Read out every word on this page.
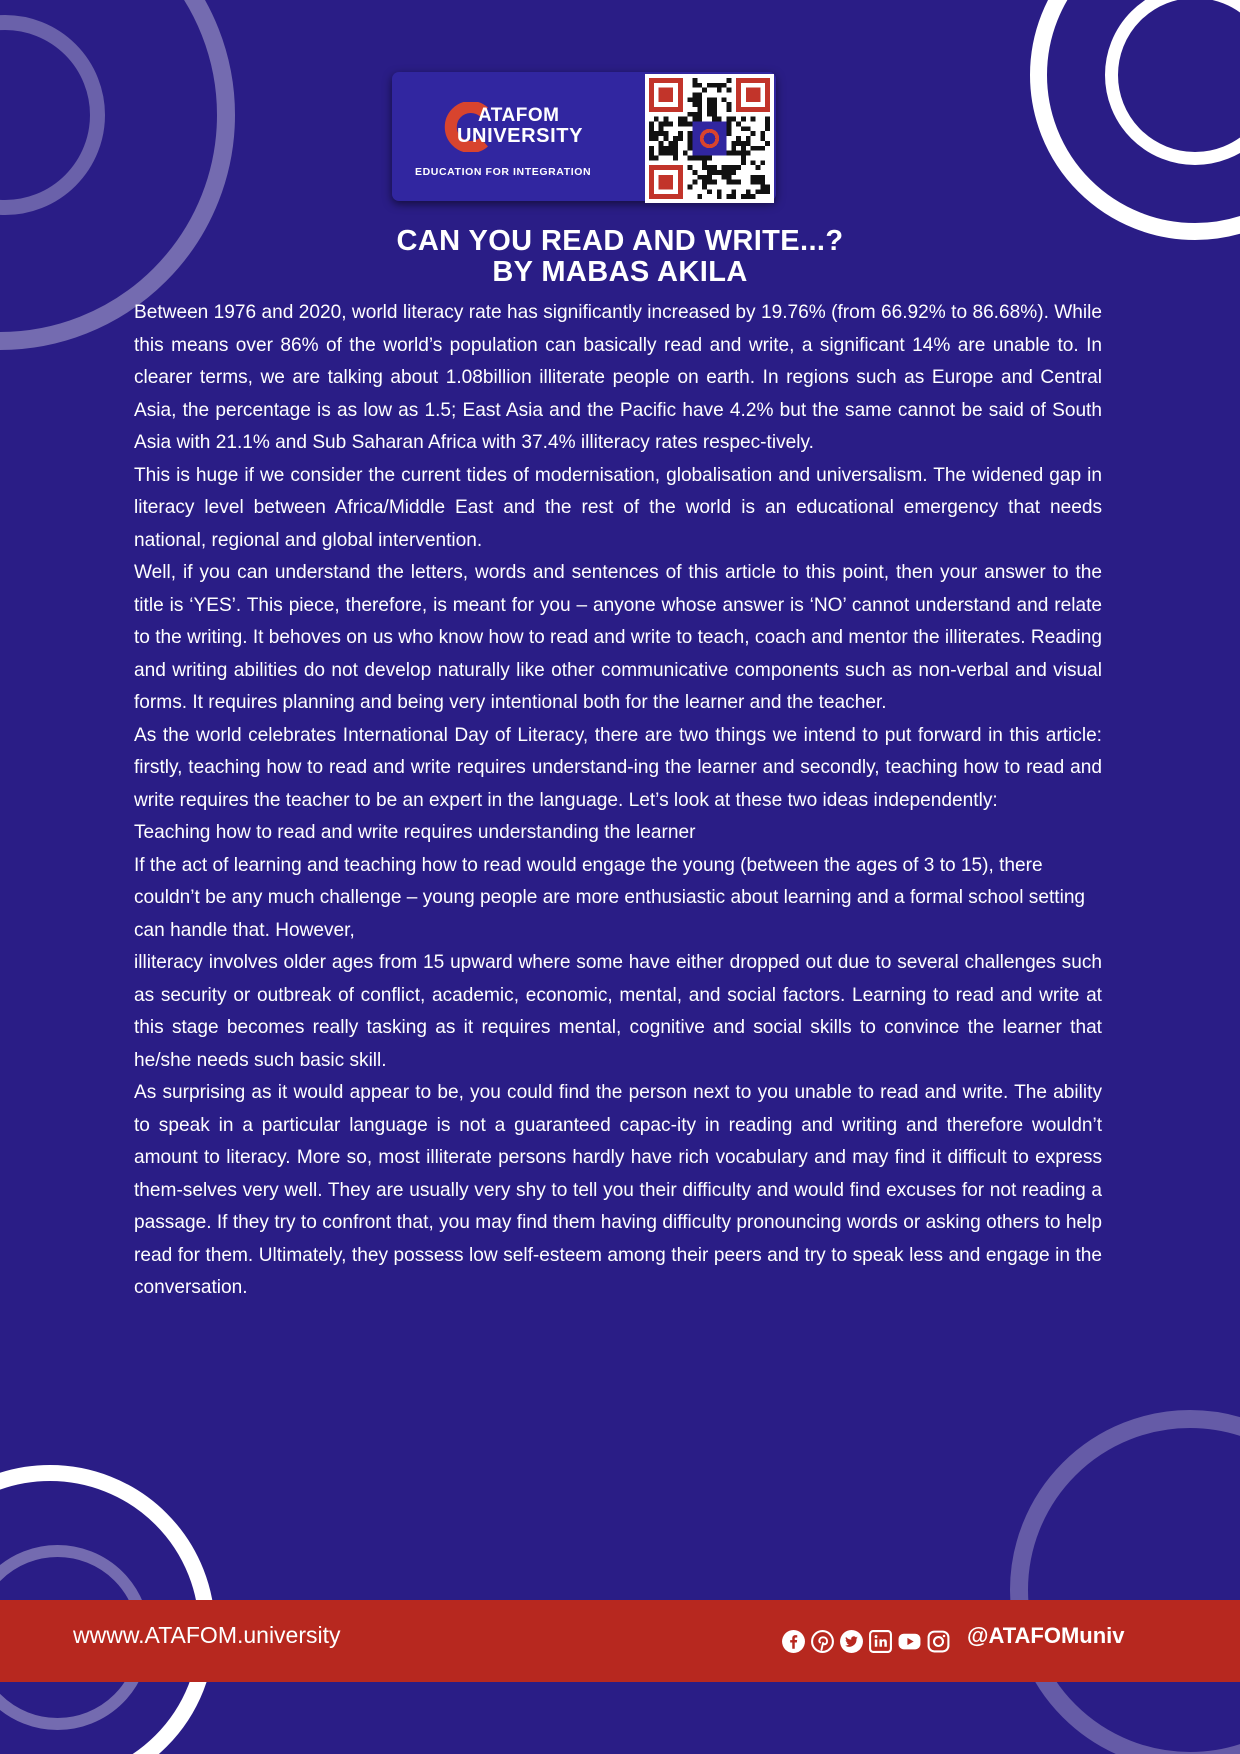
ATAFOM
UNIVERSITY
EDUCATION FOR INTEGRATION
CAN YOU READ AND WRITE...?
BY MABAS AKILA

Between 1976 and 2020, world literacy rate has significantly increased by 19.76% (from 66.92% to 86.68%). While this means over 86% of the world’s population can basically read and write, a significant 14% are unable to. In clearer terms, we are talking about 1.08billion illiterate people on earth. In regions such as Europe and Central Asia, the percentage is as low as 1.5; East Asia and the Pacific have 4.2% but the same cannot be said of South Asia with 21.1% and Sub Saharan Africa with 37.4% illiteracy rates respec-tively.

This is huge if we consider the current tides of modernisation, globalisation and universalism. The widened gap in literacy level between Africa/Middle East and the rest of the world is an educational emergency that needs national, regional and global intervention.

Well, if you can understand the letters, words and sentences of this article to this point, then your answer to the title is ‘YES’. This piece, therefore, is meant for you – anyone whose answer is ‘NO’ cannot understand and relate to the writing. It behoves on us who know how to read and write to teach, coach and mentor the illiterates. Reading and writing abilities do not develop naturally like other communicative components such as non-verbal and visual forms. It requires planning and being very intentional both for the learner and the teacher.

As the world celebrates International Day of Literacy, there are two things we intend to put forward in this article: firstly, teaching how to read and write requires understand-ing the learner and secondly, teaching how to read and write requires the teacher to be an expert in the language. Let’s look at these two ideas independently:

Teaching how to read and write requires understanding the learner

If the act of learning and teaching how to read would engage the young (between the ages of 3 to 15), there couldn’t be any much challenge – young people are more enthusiastic about learning and a formal school setting can handle that. However,

illiteracy involves older ages from 15 upward where some have either dropped out due to several challenges such as security or outbreak of conflict, academic, economic, mental, and social factors. Learning to read and write at this stage becomes really tasking as it requires mental, cognitive and social skills to convince the learner that he/she needs such basic skill.

As surprising as it would appear to be, you could find the person next to you unable to read and write. The ability to speak in a particular language is not a guaranteed capac-ity in reading and writing and therefore wouldn’t amount to literacy. More so, most illiterate persons hardly have rich vocabulary and may find it difficult to express them-selves very well. They are usually very shy to tell you their difficulty and would find excuses for not reading a passage. If they try to confront that, you may find them having difficulty pronouncing words or asking others to help read for them. Ultimately, they possess low self-esteem among their peers and try to speak less and engage in the conversation.

wwww.ATAFOM.university	@ATAFOMuniv
